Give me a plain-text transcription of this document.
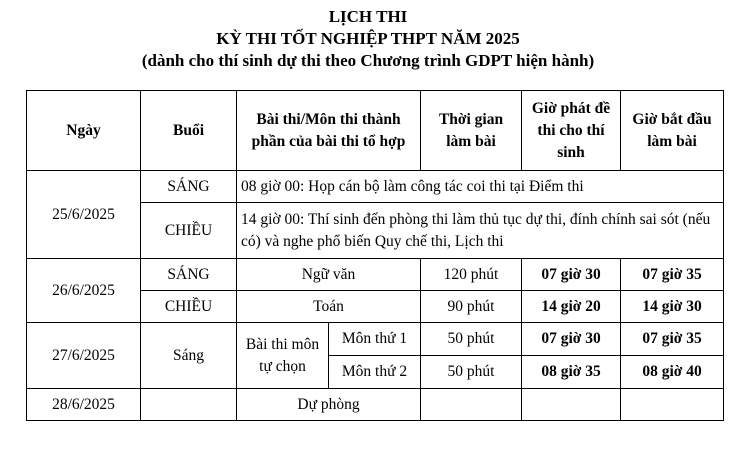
LỊCH THI
KỲ THI TỐT NGHIỆP THPT NĂM 2025
(dành cho thí sinh dự thi theo Chương trình GDPT hiện hành)
Ngày	Buổi	Bài thi/Môn thi thành phần của bài thi tổ hợp		Thời gian làm bài	Giờ phát đề thi cho thí sinh	Giờ bắt đầu làm bài
25/6/2025	SÁNG	08 giờ 00: Họp cán bộ làm công tác coi thi tại Điểm thi				
	CHIỀU	14 giờ 00: Thí sinh đến phòng thi làm thủ tục dự thi, đính chính sai sót (nếu có) và nghe phổ biến Quy chế thi, Lịch thi				
26/6/2025	SÁNG	Ngữ văn		120 phút	07 giờ 30	07 giờ 35
	CHIỀU	Toán		90 phút	14 giờ 20	14 giờ 30
27/6/2025	Sáng	Bài thi môn tự chọn	Môn thứ 1	50 phút	07 giờ 30	07 giờ 35
			Môn thứ 2	50 phút	08 giờ 35	08 giờ 40
28/6/2025		Dự phòng				
